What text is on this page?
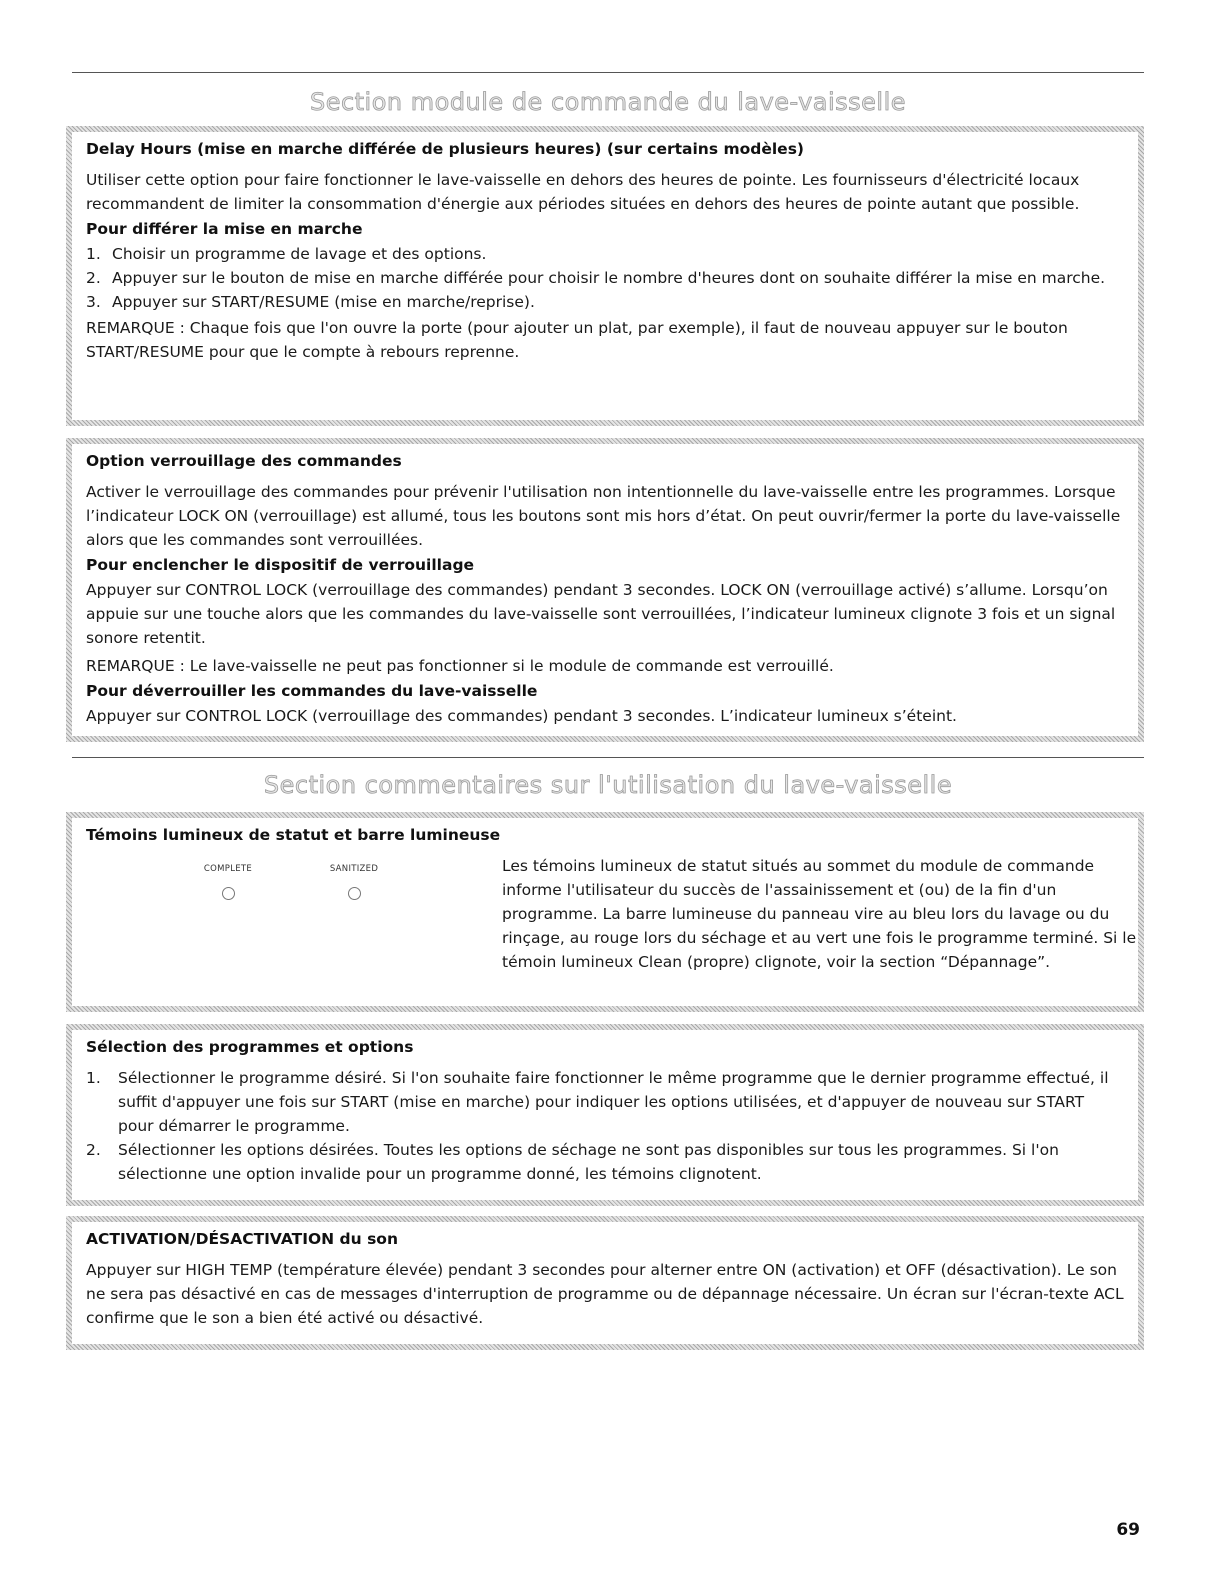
Section module de commande du lave-vaisselle
Delay Hours (mise en marche différée de plusieurs heures) (sur certains modèles)

Utiliser cette option pour faire fonctionner le lave-vaisselle en dehors des heures de pointe. Les fournisseurs d'électricité locaux recommandent de limiter la consommation d'énergie aux périodes situées en dehors des heures de pointe autant que possible.

Pour différer la mise en marche
1. Choisir un programme de lavage et des options.
2. Appuyer sur le bouton de mise en marche différée pour choisir le nombre d'heures dont on souhaite différer la mise en marche.
3. Appuyer sur START/RESUME (mise en marche/reprise).

REMARQUE : Chaque fois que l'on ouvre la porte (pour ajouter un plat, par exemple), il faut de nouveau appuyer sur le bouton START/RESUME pour que le compte à rebours reprenne.

Option verrouillage des commandes

Activer le verrouillage des commandes pour prévenir l'utilisation non intentionnelle du lave-vaisselle entre les programmes. Lorsque l’indicateur LOCK ON (verrouillage) est allumé, tous les boutons sont mis hors d’état. On peut ouvrir/fermer la porte du lave-vaisselle alors que les commandes sont verrouillées.

Pour enclencher le dispositif de verrouillage

Appuyer sur CONTROL LOCK (verrouillage des commandes) pendant 3 secondes. LOCK ON (verrouillage activé) s’allume. Lorsqu’on appuie sur une touche alors que les commandes du lave-vaisselle sont verrouillées, l’indicateur lumineux clignote 3 fois et un signal sonore retentit.

REMARQUE : Le lave-vaisselle ne peut pas fonctionner si le module de commande est verrouillé.

Pour déverrouiller les commandes du lave-vaisselle

Appuyer sur CONTROL LOCK (verrouillage des commandes) pendant 3 secondes. L’indicateur lumineux s’éteint.

Section commentaires sur l'utilisation du lave-vaisselle
Témoins lumineux de statut et barre lumineuse
COMPLETE	SANITIZED	Les témoins lumineux de statut situés au sommet du module de commande informe l'utilisateur du succès de l'assainissement et (ou) de la fin d'un programme. La barre lumineuse du panneau vire au bleu lors du lavage ou du rinçage, au rouge lors du séchage et au vert une fois le programme terminé. Si le témoin lumineux Clean (propre) clignote, voir la section “Dépannage”.
Sélection des programmes et options
1. Sélectionner le programme désiré. Si l'on souhaite faire fonctionner le même programme que le dernier programme effectué, il suffit d'appuyer une fois sur START (mise en marche) pour indiquer les options utilisées, et d'appuyer de nouveau sur START pour démarrer le programme.
2. Sélectionner les options désirées. Toutes les options de séchage ne sont pas disponibles sur tous les programmes. Si l'on sélectionne une option invalide pour un programme donné, les témoins clignotent.
ACTIVATION/DÉSACTIVATION du son

Appuyer sur HIGH TEMP (température élevée) pendant 3 secondes pour alterner entre ON (activation) et OFF (désactivation). Le son ne sera pas désactivé en cas de messages d'interruption de programme ou de dépannage nécessaire. Un écran sur l'écran-texte ACL confirme que le son a bien été activé ou désactivé.

69
